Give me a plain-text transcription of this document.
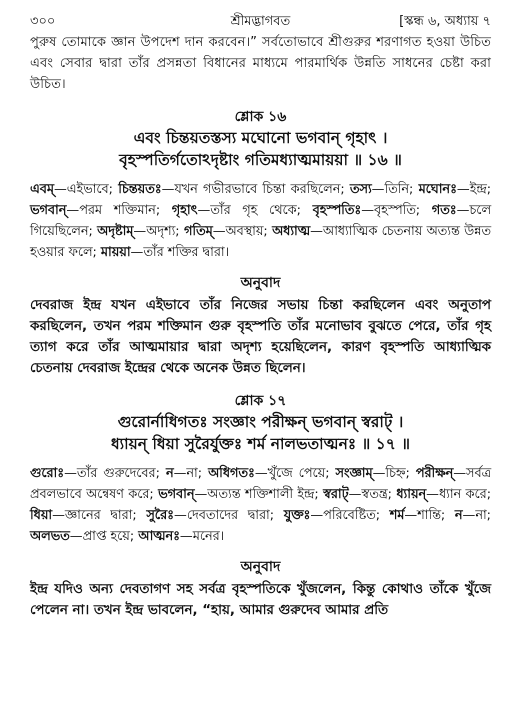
৩০০	শ্রীমদ্ভাগবত	[স্কন্ধ ৬, অধ্যায় ৭

পুরুষ তোমাকে জ্ঞান উপদেশ দান করবেন।” সর্বতোভাবে শ্রীগুরুর শরণাগত হওয়া উচিত এবং সেবার দ্বারা তাঁর প্রসন্নতা বিধানের মাধ্যমে পারমার্থিক উন্নতি সাধনের চেষ্টা করা উচিত।

শ্লোক ১৬
এবং চিন্তয়তস্তস্য মঘোনো ভগবান্ গৃহাৎ ।
বৃহস্পতির্গতোঽদৃষ্টাং গতিমধ্যাত্মমায়য়া ॥ ১৬ ॥

এবম্—এইভাবে; চিন্তয়তঃ—যখন গভীরভাবে চিন্তা করছিলেন; তস্য—তিনি; মঘোনঃ—ইন্দ্র; ভগবান্—পরম শক্তিমান; গৃহাৎ—তাঁর গৃহ থেকে; বৃহস্পতিঃ—বৃহস্পতি; গতঃ—চলে গিয়েছিলেন; অদৃষ্টাম্—অদৃশ্য; গতিম্—অবস্থায়; অধ্যাত্ম—আধ্যাত্মিক চেতনায় অত্যন্ত উন্নত হওয়ার ফলে; মায়য়া—তাঁর শক্তির দ্বারা।

অনুবাদ

দেবরাজ ইন্দ্র যখন এইভাবে তাঁর নিজের সভায় চিন্তা করছিলেন এবং অনুতাপ করছিলেন, তখন পরম শক্তিমান গুরু বৃহস্পতি তাঁর মনোভাব বুঝতে পেরে, তাঁর গৃহ ত্যাগ করে তাঁর আত্মমায়ার দ্বারা অদৃশ্য হয়েছিলেন, কারণ বৃহস্পতি আধ্যাত্মিক চেতনায় দেবরাজ ইন্দ্রের থেকে অনেক উন্নত ছিলেন।

শ্লোক ১৭
গুরোর্নাধিগতঃ সংজ্ঞাং পরীক্ষন্ ভগবান্ স্বরাট্ ।
ধ্যায়ন্ ধিয়া সুরৈর্যুক্তঃ শর্ম নালভতাত্মনঃ ॥ ১৭ ॥

গুরোঃ—তাঁর গুরুদেবের; ন—না; অধিগতঃ—খুঁজে পেয়ে; সংজ্ঞাম্—চিহ্ন; পরীক্ষন্—সর্বত্র প্রবলভাবে অন্বেষণ করে; ভগবান্—অত্যন্ত শক্তিশালী ইন্দ্র; স্বরাট্—স্বতন্ত্র; ধ্যায়ন্—ধ্যান করে; ধিয়া—জ্ঞানের দ্বারা; সুরৈঃ—দেবতাদের দ্বারা; যুক্তঃ—পরিবেষ্টিত; শর্ম—শান্তি; ন—না; অলভত—প্রাপ্ত হয়ে; আত্মনঃ—মনের।

অনুবাদ

ইন্দ্র যদিও অন্য দেবতাগণ সহ সর্বত্র বৃহস্পতিকে খুঁজলেন, কিন্তু কোথাও তাঁকে খুঁজে পেলেন না। তখন ইন্দ্র ভাবলেন, “হায়, আমার গুরুদেব আমার প্রতি
